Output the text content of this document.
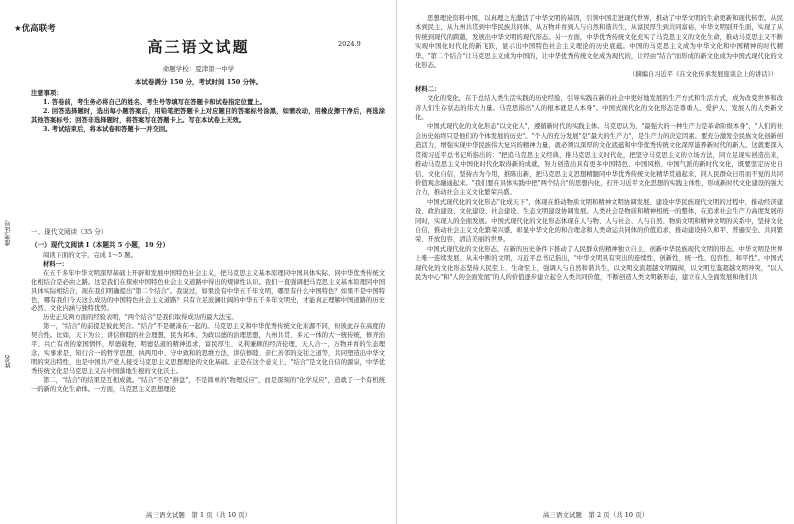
准考证号
姓名
★优高联考
高三语文试题	2024.9
命题学校：夏津第一中学
本试卷满分 150 分，考试时间 150 分钟。

注意事项：

1. 答卷前，考生务必将自己的姓名、考生号等填写在答题卡和试卷指定位置上。

2. 回答选择题时，选出每小题答案后，用铅笔把答题卡上对应题目的答案标号涂黑，如需改动，用橡皮擦干净后，再选涂其他答案标号；回答非选择题时，将答案写在答题卡上。写在本试卷上无效。

3. 考试结束后，将本试卷和答题卡一并交回。

一、现代文阅读（35 分）

（一）现代文阅读 I（本题共 5 小题，19 分）

阅读下面的文字，完成 1～5 题。

材料一：

在五千多年中华文明深厚基础上开辟和发展中国特色社会主义，把马克思主义基本原理同中国具体实际、同中华优秀传统文化相结合是必由之路。这是我们在探索中国特色社会主义道路中得出的规律性认识。我们一直强调把马克思主义基本原理同中国具体实际相结合，现在我们明确提出"第二个结合"。我说过，如果没有中华五千年文明，哪里有什么中国特色？如果不是中国特色，哪有我们今天这么成功的中国特色社会主义道路？只有立足波澜壮阔的中华五千多年文明史，才能真正理解中国道路的历史必然、文化内涵与独特优势。

历史正反两方面的经验表明，"两个结合"是我们取得成功的最大法宝。

第一，"结合"的前提是彼此契合。"结合"不是硬凑在一起的。马克思主义和中华优秀传统文化来源不同，但彼此存在高度的契合性。比如，天下为公、讲信修睦的社会理想，民为邦本、为政以德的治理思想，九州共贯、多元一体的大一统传统，修齐治平、兴亡有责的家国情怀，厚德载物、明德弘道的精神追求，富民厚生、义利兼顾的经济伦理，天人合一、万物并育的生态理念，实事求是、知行合一的哲学思想，执两用中、守中致和的思维方法，讲信修睦、亲仁善邻的交往之道等，共同塑造出中华文明的突出特性，也是中国共产党人接受马克思主义思想理论的文化基础。正是在这个意义上，"结合"是文化自信的源泉，中华优秀传统文化是马克思主义在中国落地生根的文化沃土。

第二，"结合"的结果是互相成就。"结合"不是"拼盘"，不是简单的"物理反应"，而是深刻的"化学反应"，造就了一个有机统一的新的文化生命体。一方面，马克思主义思想理论

高三语文试题　第 1 页（共 10 页）

思想理论资料中国，以真理之光激活了中华文明的基因，引领中国走进现代世界，推动了中华文明的生命更新和现代转型。从民本到民主，从九州共贯到中华民族共同体，从万物并育到人与自然和谐共生，从富民厚生到共同富裕，中华文明别开生面，实现了从传统到现代的跨越，发展出中华文明的现代形态。另一方面，中华优秀传统文化充实了马克思主义的文化生命，推动马克思主义不断实现中国化时代化的新飞跃，显示出中国特色社会主义理论的历史底蕴。中国的马克思主义成为中华文化和中国精神的时代精华。"第二个结合"让马克思主义成为中国的，让中华优秀传统文化成为现代的，让经由"结合"而形成的新文化成为中国式现代化的文化形态。

（摘编自习近平《在文化传承发展座谈会上的讲话》）

材料二：

文化的变化，在于总结人类生活实践的历史经验，引导实践在新的社会中更好地发展的生产方式和生活方式，成为改变世界和改善人们生存状态的伟大力量。马克思指出"人的根本就是人本身"。中国式现代化的文化形态是尊重人、爱护人、发展人的人类新文化。

中国式现代化的文化形态"以文化人"，遵循新时代的实践主体。马克思认为，"最强大的一种生产力是革命阶级本身"，"人们的社会历史始终只是他们的个体发展的历史"。"个人的充分发展"是"最大的生产力"，是生产力的决定因素。要充分激发全民族文化创新创造活力，增强实现中华民族伟大复兴的精神力量，就必须以深厚的文化底蕴和中华优秀传统文化深厚滋养新时代的新人。这就要深入贯彻习近平总书记所指出的："把追马克思主义经典、推马克思主义时代化，把坚守马克思主义的立场方法，同立足现实创造出来，推动马克思主义中国化时代化取得新的成就，努力创造出具有更多中国特色、中国风格、中国气派的新时代文化，既要坚定历史自信、文化自信，坚持古为今用，推陈出新，把马克思主义思想精髓同中华优秀传统文化精华贯通起来，同人民群众日用而不觉的共同价值观念融通起来。"我们要在具体实践中把"两个结合"的思想内化，打开习近平文化思想的实践主体性，形成新时代文化建设的强大合力，推动社会主义文化繁荣兴盛。

中国式现代化的文化形态"化成天下"，体现在推动物质文明和精神文明协调发展、建设中华民族现代文明的过程中，推动经济建设、政治建设、文化建设、社会建设、生态文明建设协调发展。人类社会是物质和精神相统一的整体，在追求社会生产力高度发展的同时，实现人的全面发展。中国式现代化的文化形态体现在人与物、人与社会、人与自然、物质文明和精神文明的关系中，坚持文化自信，推动社会主义文化繁荣兴盛，彰显中华文化的和合理念和人类命运共同体的价值追求，推动建设持久和平、普遍安全、共同繁荣、开放包容、清洁美丽的世界。

中国式现代化的文化形态，在新的历史条件下推动了人民群众的精神独立自主，创新中华民族现代文明的形态。中华文明是世界上唯一连续发展、从未中断的文明，习近平总书记指出，"中华文明具有突出的连续性、创新性、统一性、包容性、和平性"。中国式现代化的文化形态坚持人民至上、生命至上，强调人与自然和谐共生，以文明交流超越文明隔阂，以文明互鉴超越文明冲突，"以人民为中心"和"人的全面发展"的人的价值逐步建立起全人类共同价值，不断创造人类文明新形态，建立在人全面发展和他们共

高三语文试题　第 2 页（共 10 页）
